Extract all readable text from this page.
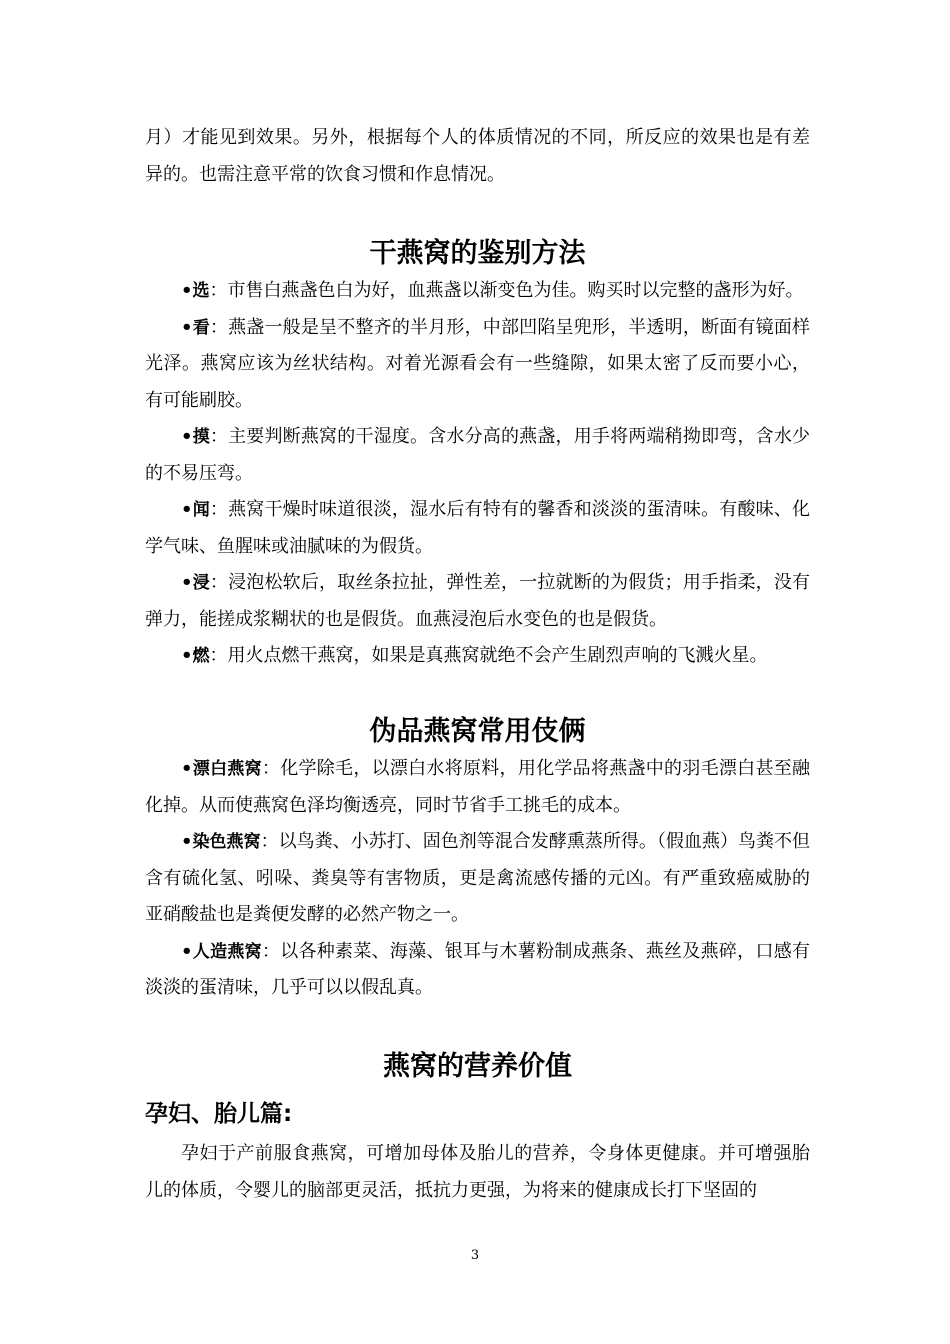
月）才能见到效果。另外，根据每个人的体质情况的不同，所反应的效果也是有差异的。也需注意平常的饮食习惯和作息情况。

干燕窝的鉴别方法

•选：市售白燕盏色白为好，血燕盏以渐变色为佳。购买时以完整的盏形为好。

•看：燕盏一般是呈不整齐的半月形，中部凹陷呈兜形，半透明，断面有镜面样光泽。燕窝应该为丝状结构。对着光源看会有一些缝隙，如果太密了反而要小心，有可能刷胶。

•摸：主要判断燕窝的干湿度。含水分高的燕盏，用手将两端稍拗即弯，含水少的不易压弯。

•闻：燕窝干燥时味道很淡，湿水后有特有的馨香和淡淡的蛋清味。有酸味、化学气味、鱼腥味或油腻味的为假货。

•浸：浸泡松软后，取丝条拉扯，弹性差，一拉就断的为假货；用手指柔，没有弹力，能搓成浆糊状的也是假货。血燕浸泡后水变色的也是假货。

•燃：用火点燃干燕窝，如果是真燕窝就绝不会产生剧烈声响的飞溅火星。

伪品燕窝常用伎俩

•漂白燕窝：化学除毛，以漂白水将原料，用化学品将燕盏中的羽毛漂白甚至融化掉。从而使燕窝色泽均衡透亮，同时节省手工挑毛的成本。

•染色燕窝：以鸟粪、小苏打、固色剂等混合发酵熏蒸所得。（假血燕）鸟粪不但含有硫化氢、吲哚、粪臭等有害物质，更是禽流感传播的元凶。有严重致癌威胁的亚硝酸盐也是粪便发酵的必然产物之一。

•人造燕窝：以各种素菜、海藻、银耳与木薯粉制成燕条、燕丝及燕碎，口感有淡淡的蛋清味，几乎可以以假乱真。

燕窝的营养价值
孕妇、胎儿篇:

孕妇于产前服食燕窝，可增加母体及胎儿的营养，令身体更健康。并可增强胎儿的体质，令婴儿的脑部更灵活，抵抗力更强，为将来的健康成长打下坚固的

3
